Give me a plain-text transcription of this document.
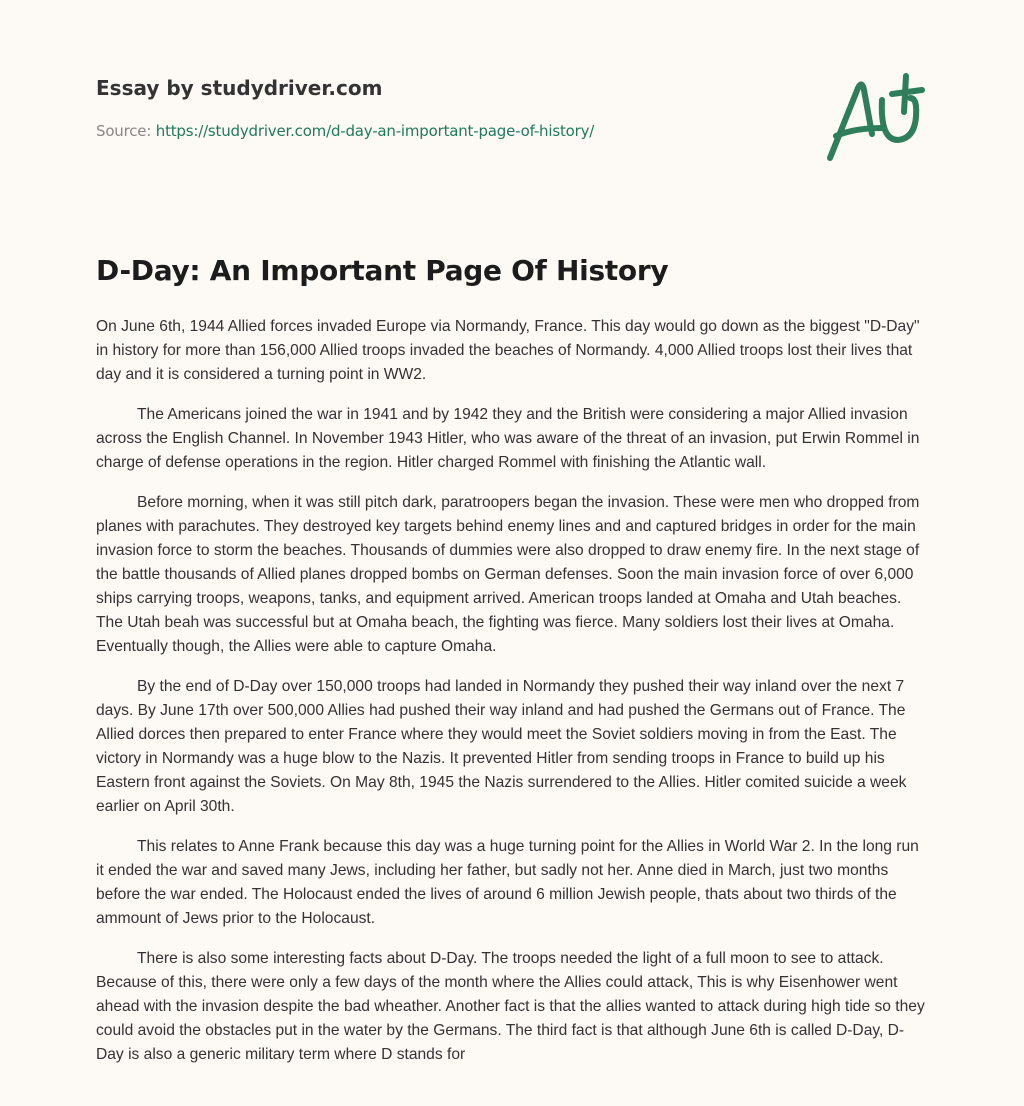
Essay by studydriver.com
Source: https://studydriver.com/d-day-an-important-page-of-history/
D-Day: An Important Page Of History

On June 6th, 1944 Allied forces invaded Europe via Normandy, France. This day would go down as the biggest "D-Day" in history for more than 156,000 Allied troops invaded the beaches of Normandy. 4,000 Allied troops lost their lives that day and it is considered a turning point in WW2.

The Americans joined the war in 1941 and by 1942 they and the British were considering a major Allied invasion across the English Channel. In November 1943 Hitler, who was aware of the threat of an invasion, put Erwin Rommel in charge of defense operations in the region. Hitler charged Rommel with finishing the Atlantic wall.

Before morning, when it was still pitch dark, paratroopers began the invasion. These were men who dropped from planes with parachutes. They destroyed key targets behind enemy lines and and captured bridges in order for the main invasion force to storm the beaches. Thousands of dummies were also dropped to draw enemy fire. In the next stage of the battle thousands of Allied planes dropped bombs on German defenses. Soon the main invasion force of over 6,000 ships carrying troops, weapons, tanks, and equipment arrived. American troops landed at Omaha and Utah beaches. The Utah beah was successful but at Omaha beach, the fighting was fierce. Many soldiers lost their lives at Omaha. Eventually though, the Allies were able to capture Omaha.

By the end of D-Day over 150,000 troops had landed in Normandy they pushed their way inland over the next 7 days. By June 17th over 500,000 Allies had pushed their way inland and had pushed the Germans out of France. The Allied dorces then prepared to enter France where they would meet the Soviet soldiers moving in from the East. The victory in Normandy was a huge blow to the Nazis. It prevented Hitler from sending troops in France to build up his Eastern front against the Soviets. On May 8th, 1945 the Nazis surrendered to the Allies. Hitler comited suicide a week earlier on April 30th.

This relates to Anne Frank because this day was a huge turning point for the Allies in World War 2. In the long run it ended the war and saved many Jews, including her father, but sadly not her. Anne died in March, just two months before the war ended. The Holocaust ended the lives of around 6 million Jewish people, thats about two thirds of the ammount of Jews prior to the Holocaust.

There is also some interesting facts about D-Day. The troops needed the light of a full moon to see to attack. Because of this, there were only a few days of the month where the Allies could attack, This is why Eisenhower went ahead with the invasion despite the bad wheather. Another fact is that the allies wanted to attack during high tide so they could avoid the obstacles put in the water by the Germans. The third fact is that although June 6th is called D-Day, D-Day is also a generic military term where D stands for
